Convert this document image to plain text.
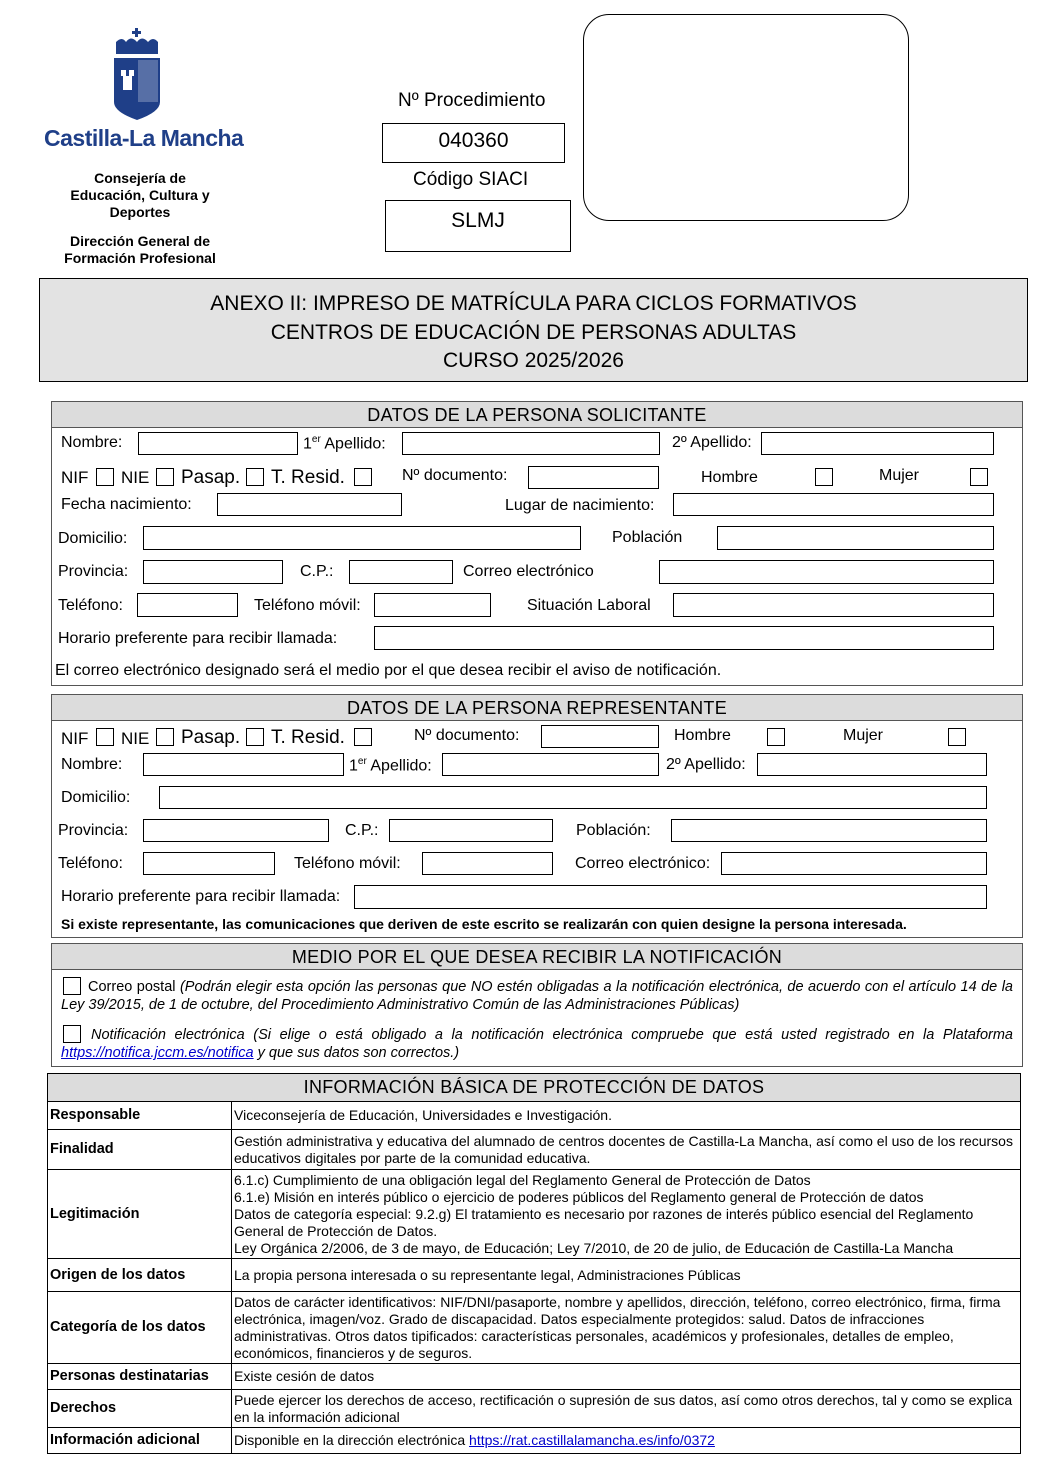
Castilla-La Mancha
Consejería de
Educación, Cultura y
Deportes
Dirección General de
Formación Profesional
Nº Procedimiento
040360
Código SIACI
SLMJ
ANEXO II: IMPRESO DE MATRÍCULA PARA CICLOS FORMATIVOS
CENTROS DE EDUCACIÓN DE PERSONAS ADULTAS
CURSO 2025/2026
DATOS DE LA PERSONA SOLICITANTE
Nombre:	1er Apellido:	2º Apellido:
NIF NIE Pasap. T. Resid.	Nº documento:	Hombre	Mujer
Fecha nacimiento:	Lugar de nacimiento:
Domicilio:	Población
Provincia:	C.P.:	Correo electrónico
Teléfono:	Teléfono móvil:	Situación Laboral
Horario preferente para recibir llamada:
El correo electrónico designado será el medio por el que desea recibir el aviso de notificación.
DATOS DE LA PERSONA REPRESENTANTE
NIF NIE Pasap. T. Resid.	Nº documento:	Hombre	Mujer
Nombre:	1er Apellido:	2º Apellido:
Domicilio:
Provincia:	C.P.:	Población:
Teléfono:	Teléfono móvil:	Correo electrónico:
Horario preferente para recibir llamada:
Si existe representante, las comunicaciones que deriven de este escrito se realizarán con quien designe la persona interesada.
MEDIO POR EL QUE DESEA RECIBIR LA NOTIFICACIÓN
Correo postal (Podrán elegir esta opción las personas que NO estén obligadas a la notificación electrónica, de acuerdo con el artículo 14 de la Ley 39/2015, de 1 de octubre, del Procedimiento Administrativo Común de las Administraciones Públicas)
Notificación electrónica (Si elige o está obligado a la notificación electrónica compruebe que está usted registrado en la Plataforma https://notifica.jccm.es/notifica y que sus datos son correctos.)
INFORMACIÓN BÁSICA DE PROTECCIÓN DE DATOS	
Responsable	Viceconsejería de Educación, Universidades e Investigación.
Finalidad	Gestión administrativa y educativa del alumnado de centros docentes de Castilla-La Mancha, así como el uso de los recursos educativos digitales por parte de la comunidad educativa.
Legitimación	6.1.c) Cumplimiento de una obligación legal del Reglamento General de Protección de Datos
6.1.e) Misión en interés público o ejercicio de poderes públicos del Reglamento general de Protección de datos
Datos de categoría especial: 9.2.g) El tratamiento es necesario por razones de interés público esencial del Reglamento General de Protección de Datos.
Ley Orgánica 2/2006, de 3 de mayo, de Educación; Ley 7/2010, de 20 de julio, de Educación de Castilla-La Mancha
Origen de los datos	La propia persona interesada o su representante legal, Administraciones Públicas
Categoría de los datos	Datos de carácter identificativos: NIF/DNI/pasaporte, nombre y apellidos, dirección, teléfono, correo electrónico, firma, firma electrónica, imagen/voz. Grado de discapacidad. Datos especialmente protegidos: salud. Datos de infracciones administrativas. Otros datos tipificados: características personales, académicos y profesionales, detalles de empleo, económicos, financieros y de seguros.
Personas destinatarias	Existe cesión de datos
Derechos	Puede ejercer los derechos de acceso, rectificación o supresión de sus datos, así como otros derechos, tal y como se explica en la información adicional
Información adicional	Disponible en la dirección electrónica https://rat.castillalamancha.es/info/0372
